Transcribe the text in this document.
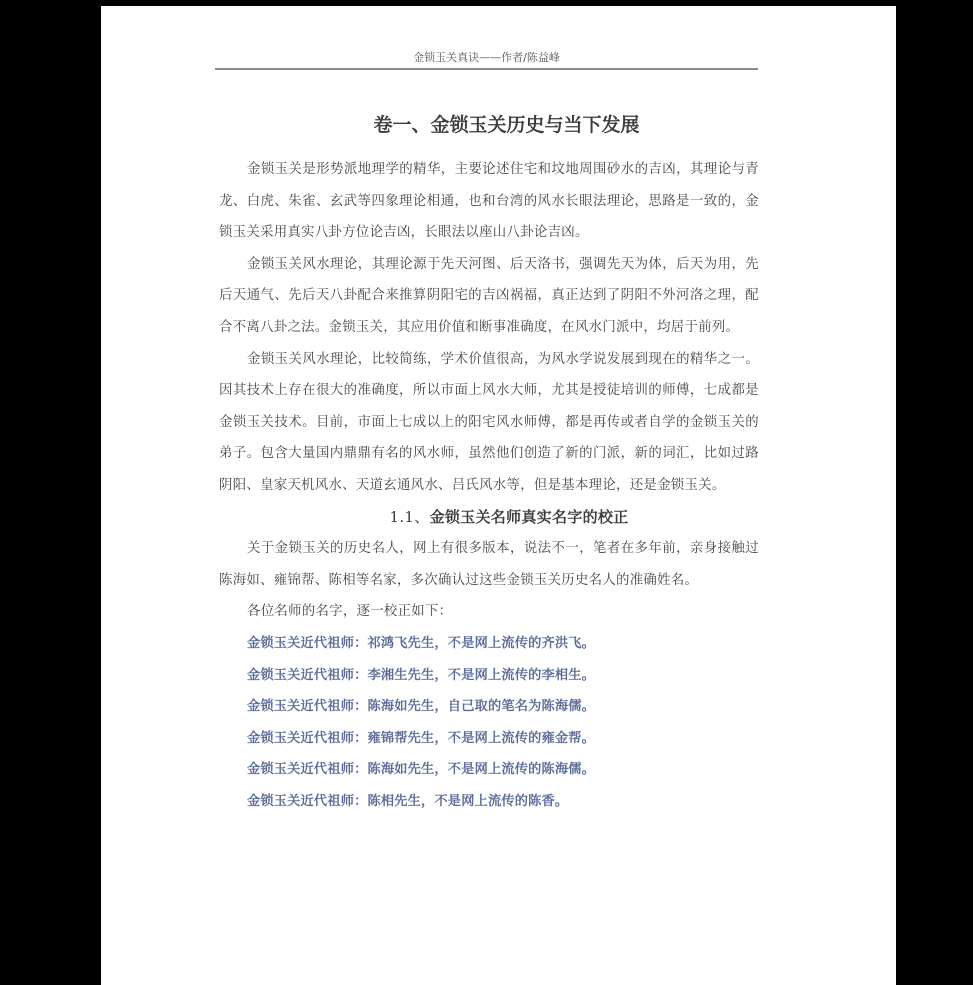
金锁玉关真诀——作者/陈益峰
卷一、金锁玉关历史与当下发展

金锁玉关是形势派地理学的精华，主要论述住宅和坟地周围砂水的吉凶，其理论与青龙、白虎、朱雀、玄武等四象理论相通，也和台湾的风水长眼法理论，思路是一致的，金锁玉关采用真实八卦方位论吉凶，长眼法以座山八卦论吉凶。

金锁玉关风水理论，其理论源于先天河图、后天洛书，强调先天为体，后天为用，先后天通气、先后天八卦配合来推算阴阳宅的吉凶祸福，真正达到了阴阳不外河洛之理，配合不离八卦之法。金锁玉关，其应用价值和断事准确度，在风水门派中，均居于前列。

金锁玉关风水理论，比较简练，学术价值很高，为风水学说发展到现在的精华之一。因其技术上存在很大的准确度，所以市面上风水大师，尤其是授徒培训的师傅，七成都是金锁玉关技术。目前，市面上七成以上的阳宅风水师傅，都是再传或者自学的金锁玉关的弟子。包含大量国内鼎鼎有名的风水师，虽然他们创造了新的门派，新的词汇，比如过路阴阳、皇家天机风水、天道玄通风水、吕氏风水等，但是基本理论，还是金锁玉关。

1.1、金锁玉关名师真实名字的校正

关于金锁玉关的历史名人，网上有很多版本，说法不一，笔者在多年前，亲身接触过陈海如、雍锦帮、陈相等名家，多次确认过这些金锁玉关历史名人的准确姓名。

各位名师的名字，逐一校正如下：

金锁玉关近代祖师：祁鸿飞先生，不是网上流传的齐洪飞。
金锁玉关近代祖师：李湘生先生，不是网上流传的李相生。
金锁玉关近代祖师：陈海如先生，自己取的笔名为陈海儒。
金锁玉关近代祖师：雍锦帮先生，不是网上流传的雍金帮。
金锁玉关近代祖师：陈海如先生，不是网上流传的陈海儒。
金锁玉关近代祖师：陈相先生，不是网上流传的陈香。
